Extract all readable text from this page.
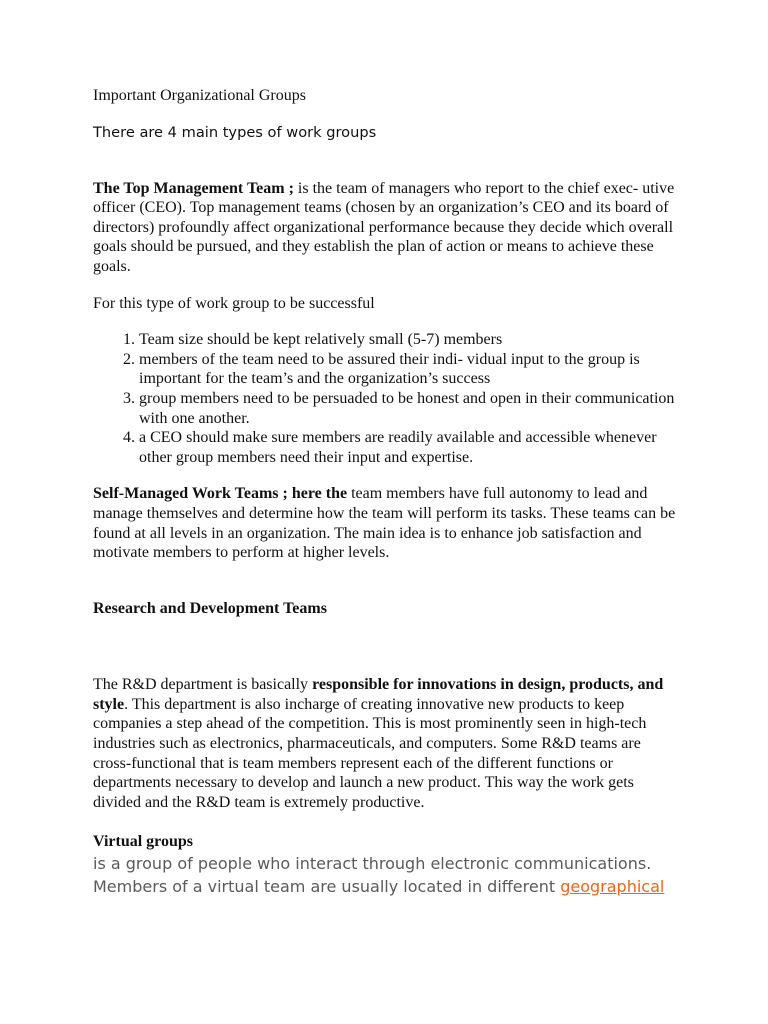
Important Organizational Groups

There are 4 main types of work groups

The Top Management Team ; is the team of managers who report to the chief exec- utive officer (CEO). Top management teams (chosen by an organization’s CEO and its board of directors) profoundly affect organizational performance because they decide which overall goals should be pursued, and they establish the plan of action or means to achieve these goals.

For this type of work group to be successful

1. Team size should be kept relatively small (5-7) members
2. members of the team need to be assured their indi- vidual input to the group is important for the team’s and the organization’s success
3. group members need to be persuaded to be honest and open in their communication with one another.
4. a CEO should make sure members are readily available and accessible whenever other group members need their input and expertise.

Self-Managed Work Teams ; here the team members have full autonomy to lead and manage themselves and determine how the team will perform its tasks. These teams can be found at all levels in an organization. The main idea is to enhance job satisfaction and motivate members to perform at higher levels.

Research and Development Teams

The R&D department is basically responsible for innovations in design, products, and style. This department is also incharge of creating innovative new products to keep companies a step ahead of the competition. This is most prominently seen in high-tech industries such as electronics, pharmaceuticals, and computers. Some R&D teams are cross-functional that is team members represent each of the different functions or departments necessary to develop and launch a new product. This way the work gets divided and the R&D team is extremely productive.

Virtual groups

is a group of people who interact through electronic communications. Members of a virtual team are usually located in different geographical
